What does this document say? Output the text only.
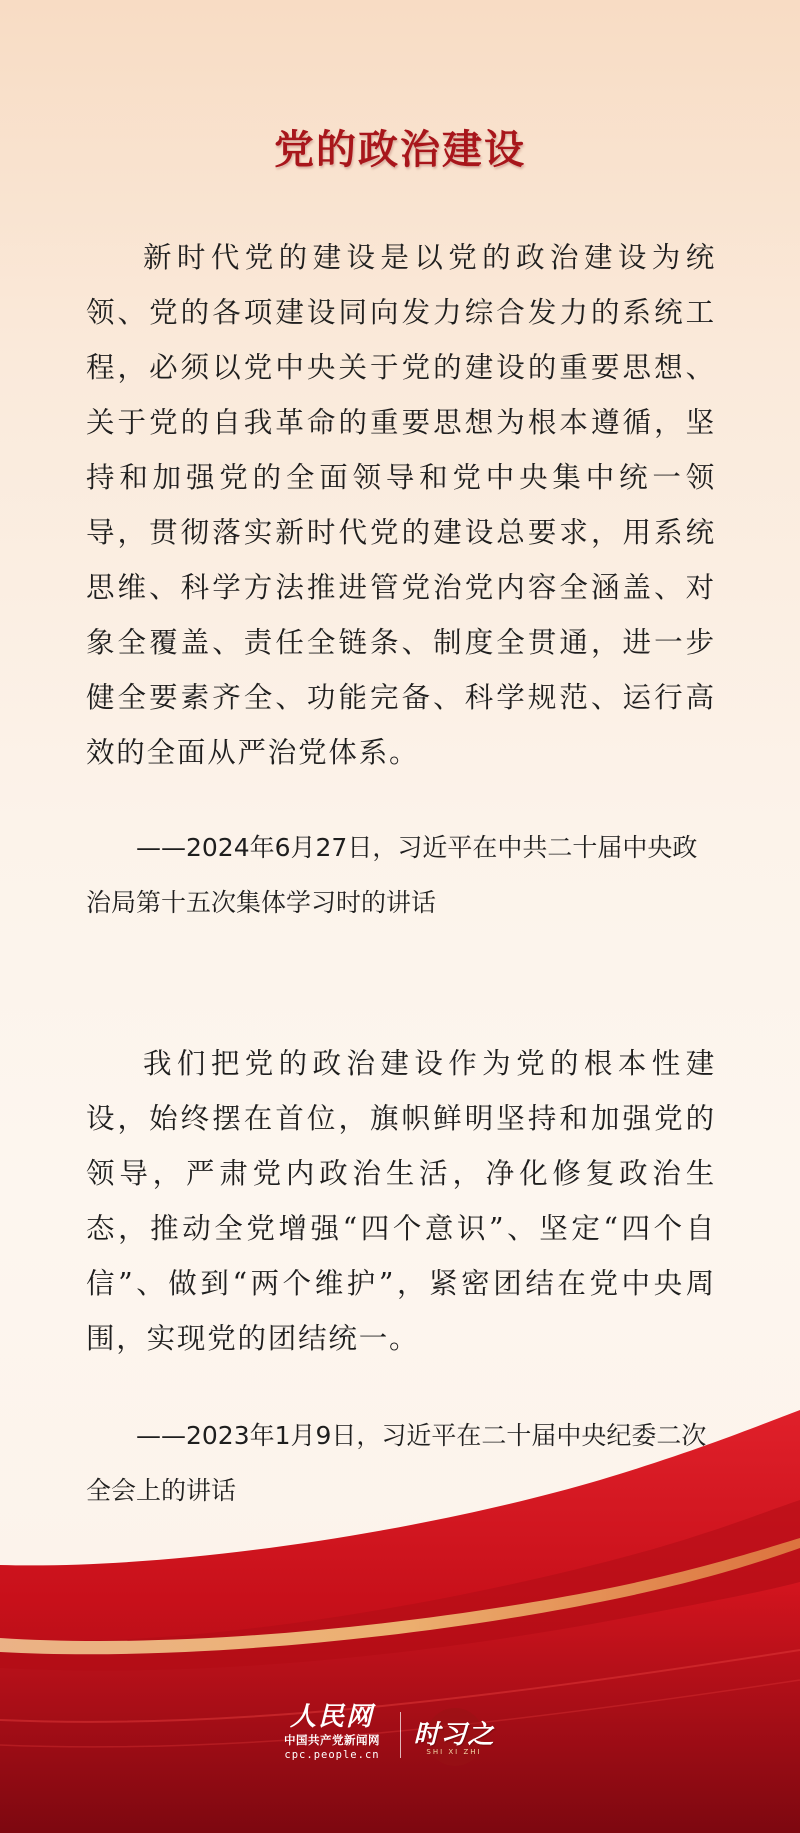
党的政治建设

新时代党的建设是以党的政治建设为统领、党的各项建设同向发力综合发力的系统工程，必须以党中央关于党的建设的重要思想、关于党的自我革命的重要思想为根本遵循，坚持和加强党的全面领导和党中央集中统一领导，贯彻落实新时代党的建设总要求，用系统思维、科学方法推进管党治党内容全涵盖、对象全覆盖、责任全链条、制度全贯通，进一步健全要素齐全、功能完备、科学规范、运行高效的全面从严治党体系。

——2024年6月27日，习近平在中共二十届中央政治局第十五次集体学习时的讲话

我们把党的政治建设作为党的根本性建设，始终摆在首位，旗帜鲜明坚持和加强党的领导，严肃党内政治生活，净化修复政治生态，推动全党增强“四个意识”、坚定“四个自信”、做到“两个维护”，紧密团结在党中央周围，实现党的团结统一。

——2023年1月9日，习近平在二十届中央纪委二次全会上的讲话

人民网
中国共产党新闻网
cpc.people.cn
时习之
SHI XI ZHI
